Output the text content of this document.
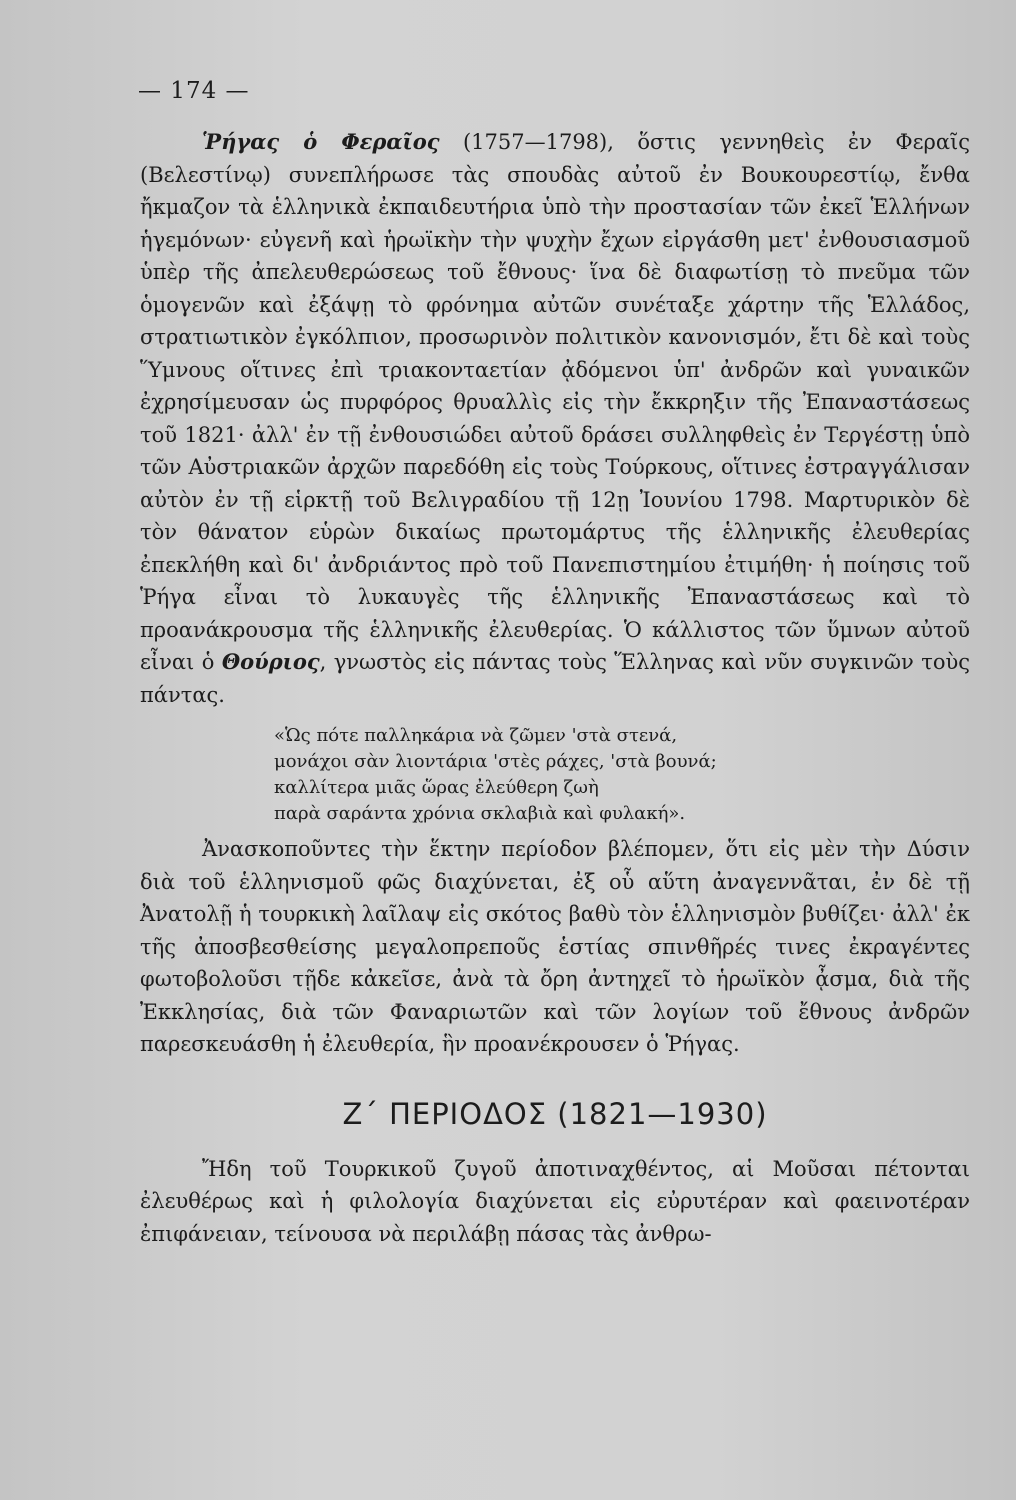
— 174 —

Ῥήγας ὁ Φεραῖος (1757—1798), ὅστις γεννηθεὶς ἐν Φεραῖς (Βελεστίνῳ) συνεπλήρωσε τὰς σπουδὰς αὐτοῦ ἐν Βουκουρεστίῳ, ἔνθα ἤκμαζον τὰ ἑλληνικὰ ἐκπαιδευτήρια ὑπὸ τὴν προστασίαν τῶν ἐκεῖ Ἑλλήνων ἡγεμόνων· εὐγενῆ καὶ ἡρωϊκὴν τὴν ψυχὴν ἔχων εἰργάσθη μετ' ἐνθουσιασμοῦ ὑπὲρ τῆς ἀπελευθερώσεως τοῦ ἔθνους· ἵνα δὲ διαφωτίσῃ τὸ πνεῦμα τῶν ὁμογενῶν καὶ ἐξάψῃ τὸ φρόνημα αὐτῶν συνέταξε χάρτην τῆς Ἑλλάδος, στρατιωτικὸν ἐγκόλπιον, προσωρινὸν πολιτικὸν κανονισμόν, ἔτι δὲ καὶ τοὺς Ὕμνους οἵτινες ἐπὶ τριακονταετίαν ᾀδόμενοι ὑπ' ἀνδρῶν καὶ γυναικῶν ἐχρησίμευσαν ὡς πυρφόρος θρυαλλὶς εἰς τὴν ἔκκρηξιν τῆς Ἐπαναστάσεως τοῦ 1821· ἀλλ' ἐν τῇ ἐνθουσιώδει αὐτοῦ δράσει συλληφθεὶς ἐν Τεργέστῃ ὑπὸ τῶν Αὐστριακῶν ἀρχῶν παρεδόθη εἰς τοὺς Τούρκους, οἵτινες ἐστραγγάλισαν αὐτὸν ἐν τῇ εἱρκτῇ τοῦ Βελιγραδίου τῇ 12ῃ Ἰουνίου 1798. Μαρτυρικὸν δὲ τὸν θάνατον εὑρὼν δικαίως πρωτομάρτυς τῆς ἑλληνικῆς ἐλευθερίας ἐπεκλήθη καὶ δι' ἀνδριάντος πρὸ τοῦ Πανεπιστημίου ἐτιμήθη· ἡ ποίησις τοῦ Ῥήγα εἶναι τὸ λυκαυγὲς τῆς ἑλληνικῆς Ἐπαναστάσεως καὶ τὸ προανάκρουσμα τῆς ἑλληνικῆς ἐλευθερίας. Ὁ κάλλιστος τῶν ὕμνων αὐτοῦ εἶναι ὁ Θούριος, γνωστὸς εἰς πάντας τοὺς Ἕλληνας καὶ νῦν συγκινῶν τοὺς πάντας.

«Ὡς πότε παλληκάρια νὰ ζῶμεν 'στὰ στενά,
μονάχοι σὰν λιοντάρια 'στὲς ράχες, 'στὰ βουνά;
καλλίτερα μιᾶς ὥρας ἐλεύθερη ζωὴ
παρὰ σαράντα χρόνια σκλαβιὰ καὶ φυλακή».

Ἀνασκοποῦντες τὴν ἕκτην περίοδον βλέπομεν, ὅτι εἰς μὲν τὴν Δύσιν διὰ τοῦ ἑλληνισμοῦ φῶς διαχύνεται, ἐξ οὗ αὕτη ἀναγεννᾶται, ἐν δὲ τῇ Ἀνατολῇ ἡ τουρκικὴ λαῖλαψ εἰς σκότος βαθὺ τὸν ἑλληνισμὸν βυθίζει· ἀλλ' ἐκ τῆς ἀποσβεσθείσης μεγαλοπρεποῦς ἑστίας σπινθῆρές τινες ἐκραγέντες φωτοβολοῦσι τῇδε κἀκεῖσε, ἀνὰ τὰ ὄρη ἀντηχεῖ τὸ ἡρωϊκὸν ᾆσμα, διὰ τῆς Ἐκκλησίας, διὰ τῶν Φαναριωτῶν καὶ τῶν λογίων τοῦ ἔθνους ἀνδρῶν παρεσκευάσθη ἡ ἐλευθερία, ἣν προανέκρουσεν ὁ Ῥήγας.

Ζ΄ ΠΕΡΙΟΔΟΣ (1821—1930)

Ἤδη τοῦ Τουρκικοῦ ζυγοῦ ἀποτιναχθέντος, αἱ Μοῦσαι πέτονται ἐλευθέρως καὶ ἡ φιλολογία διαχύνεται εἰς εὐρυτέραν καὶ φαεινοτέραν ἐπιφάνειαν, τείνουσα νὰ περιλάβῃ πάσας τὰς ἀνθρω-
